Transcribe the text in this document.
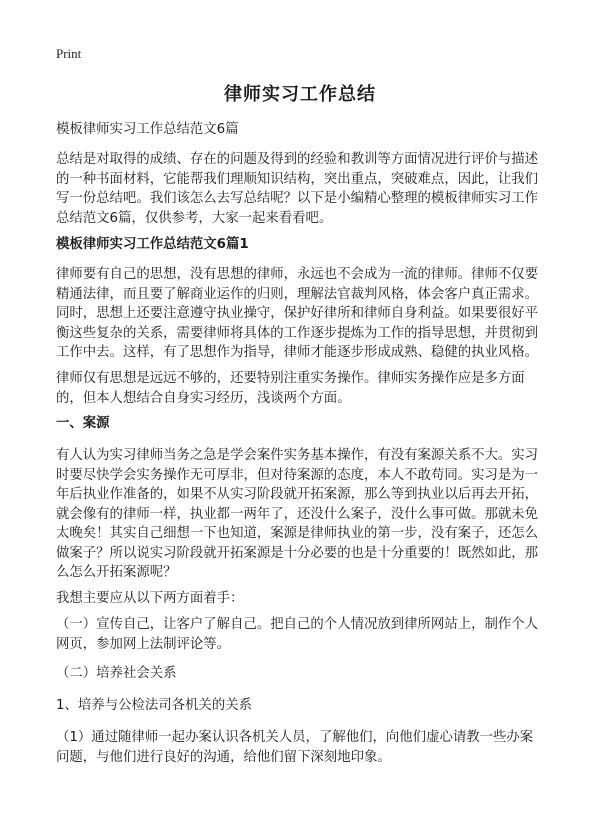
Print
律师实习工作总结

模板律师实习工作总结范文6篇

总结是对取得的成绩、存在的问题及得到的经验和教训等方面情况进行评价与描述的一种书面材料，它能帮我们理顺知识结构，突出重点，突破难点，因此，让我们写一份总结吧。我们该怎么去写总结呢？以下是小编精心整理的模板律师实习工作总结范文6篇，仅供参考，大家一起来看看吧。

模板律师实习工作总结范文6篇1

律师要有自己的思想，没有思想的律师，永远也不会成为一流的律师。律师不仅要精通法律，而且要了解商业运作的归则，理解法官裁判风格，体会客户真正需求。同时，思想上还要注意遵守执业操守，保护好律所和律师自身利益。如果要很好平衡这些复杂的关系，需要律师将具体的工作逐步提炼为工作的指导思想，并贯彻到工作中去。这样，有了思想作为指导，律师才能逐步形成成熟、稳健的执业风格。

律师仅有思想是远远不够的，还要特别注重实务操作。律师实务操作应是多方面的，但本人想结合自身实习经历，浅谈两个方面。

一、案源

有人认为实习律师当务之急是学会案件实务基本操作，有没有案源关系不大。实习时要尽快学会实务操作无可厚非，但对待案源的态度，本人不敢苟同。实习是为一年后执业作准备的，如果不从实习阶段就开拓案源，那么等到执业以后再去开拓，就会像有的律师一样，执业都一两年了，还没什么案子，没什么事可做。那就未免太晚矣！其实自己细想一下也知道，案源是律师执业的第一步，没有案子，还怎么做案子？所以说实习阶段就开拓案源是十分必要的也是十分重要的！既然如此，那么怎么开拓案源呢？

我想主要应从以下两方面着手：

（一）宣传自己，让客户了解自己。把自己的个人情况放到律所网站上，制作个人网页，参加网上法制评论等。

（二）培养社会关系

1、培养与公检法司各机关的关系

（1）通过随律师一起办案认识各机关人员，了解他们，向他们虚心请教一些办案问题，与他们进行良好的沟通，给他们留下深刻地印象。
